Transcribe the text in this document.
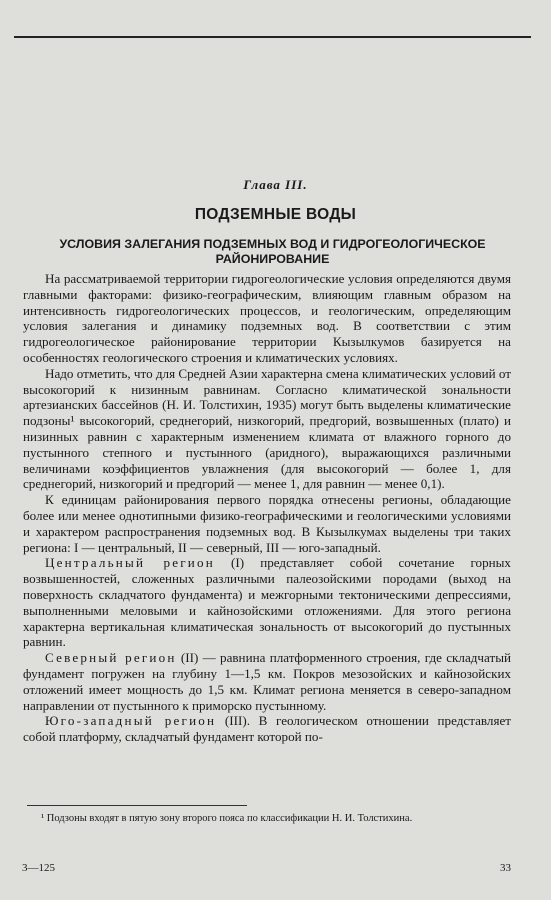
Глава III.
ПОДЗЕМНЫЕ ВОДЫ
УСЛОВИЯ ЗАЛЕГАНИЯ ПОДЗЕМНЫХ ВОД И ГИДРОГЕОЛОГИЧЕСКОЕ РАЙОНИРОВАНИЕ

На рассматриваемой территории гидрогеологические условия определяются двумя главными факторами: физико-географическим, влияющим главным образом на интенсивность гидрогеологических процессов, и геологическим, определяющим условия залегания и динамику подземных вод. В соответствии с этим гидрогеологическое районирование территории Кызылкумов базируется на особенностях геологического строения и климатических условиях.

Надо отметить, что для Средней Азии характерна смена климатических условий от высокогорий к низинным равнинам. Согласно климатической зональности артезианских бассейнов (Н. И. Толстихин, 1935) могут быть выделены климатические подзоны¹ высокогорий, среднегорий, низкогорий, предгорий, возвышенных (плато) и низинных равнин с характерным изменением климата от влажного горного до пустынного степного и пустынного (аридного), выражающихся различными величинами коэффициентов увлажнения (для высокогорий — более 1, для среднегорий, низкогорий и предгорий — менее 1, для равнин — менее 0,1).

К единицам районирования первого порядка отнесены регионы, обладающие более или менее однотипными физико-географическими и геологическими условиями и характером распространения подземных вод. В Кызылкумах выделены три таких региона: I — центральный, II — северный, III — юго-западный.

Центральный регион (I) представляет собой сочетание горных возвышенностей, сложенных различными палеозойскими породами (выход на поверхность складчатого фундамента) и межгорными тектоническими депрессиями, выполненными меловыми и кайнозойскими отложениями. Для этого региона характерна вертикальная климатическая зональность от высокогорий до пустынных равнин.

Северный регион (II) — равнина платформенного строения, где складчатый фундамент погружен на глубину 1—1,5 км. Покров мезозойских и кайнозойских отложений имеет мощность до 1,5 км. Климат региона меняется в северо-западном направлении от пустынного к приморско пустынному.

Юго-западный регион (III). В геологическом отношении представляет собой платформу, складчатый фундамент которой по-

¹ Подзоны входят в пятую зону второго пояса по классификации Н. И. Толстихина.
3—125	33
